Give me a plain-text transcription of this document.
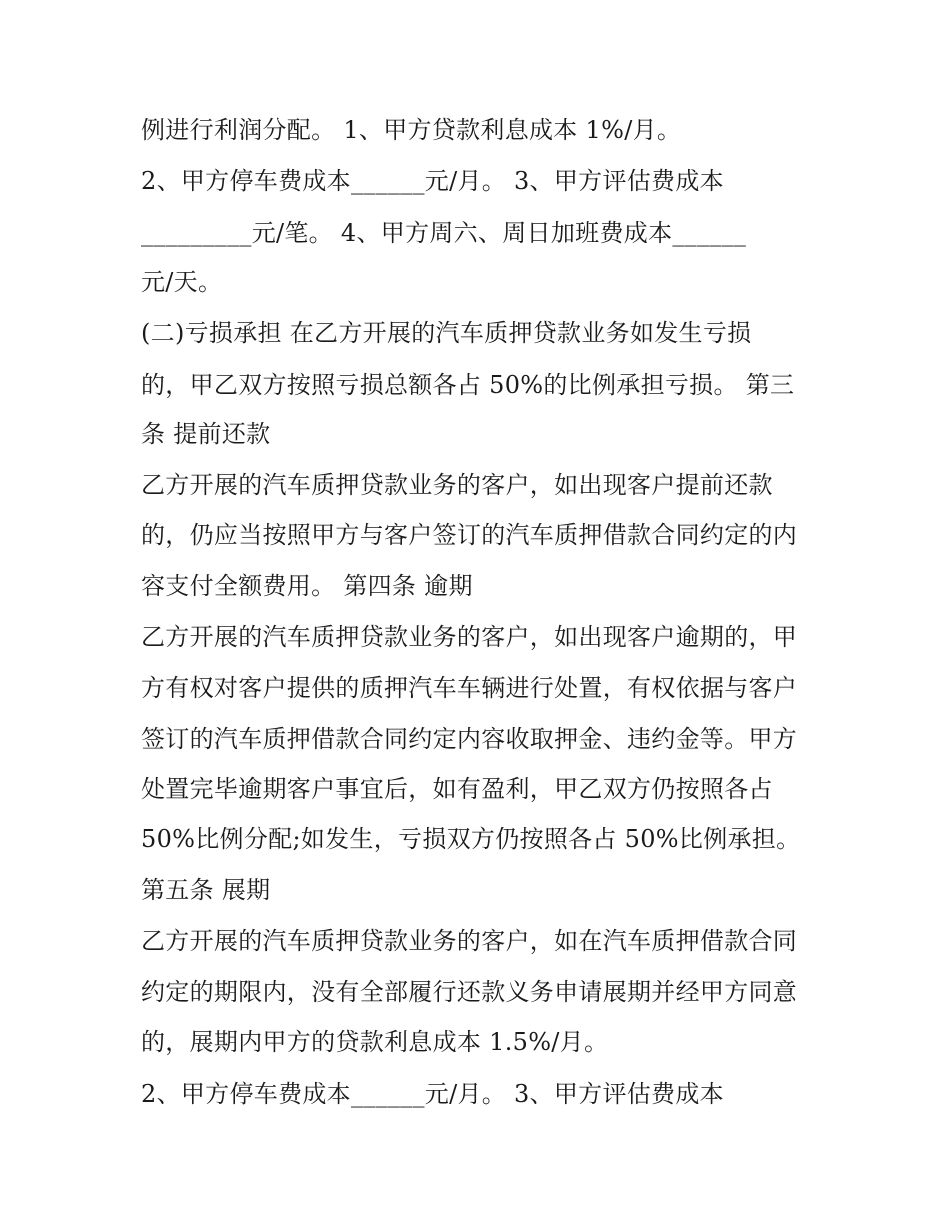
例进行利润分配。 1、甲方贷款利息成本 1%/月。
2、甲方停车费成本______元/月。 3、甲方评估费成本
_________元/笔。 4、甲方周六、周日加班费成本______
元/天。
(二)亏损承担 在乙方开展的汽车质押贷款业务如发生亏损
的，甲乙双方按照亏损总额各占 50%的比例承担亏损。 第三
条 提前还款
乙方开展的汽车质押贷款业务的客户，如出现客户提前还款
的，仍应当按照甲方与客户签订的汽车质押借款合同约定的内
容支付全额费用。 第四条 逾期
乙方开展的汽车质押贷款业务的客户，如出现客户逾期的，甲
方有权对客户提供的质押汽车车辆进行处置，有权依据与客户
签订的汽车质押借款合同约定内容收取押金、违约金等。甲方
处置完毕逾期客户事宜后，如有盈利，甲乙双方仍按照各占
50%比例分配;如发生，亏损双方仍按照各占 50%比例承担。
第五条 展期
乙方开展的汽车质押贷款业务的客户，如在汽车质押借款合同
约定的期限内，没有全部履行还款义务申请展期并经甲方同意
的，展期内甲方的贷款利息成本 1.5%/月。
2、甲方停车费成本______元/月。 3、甲方评估费成本
